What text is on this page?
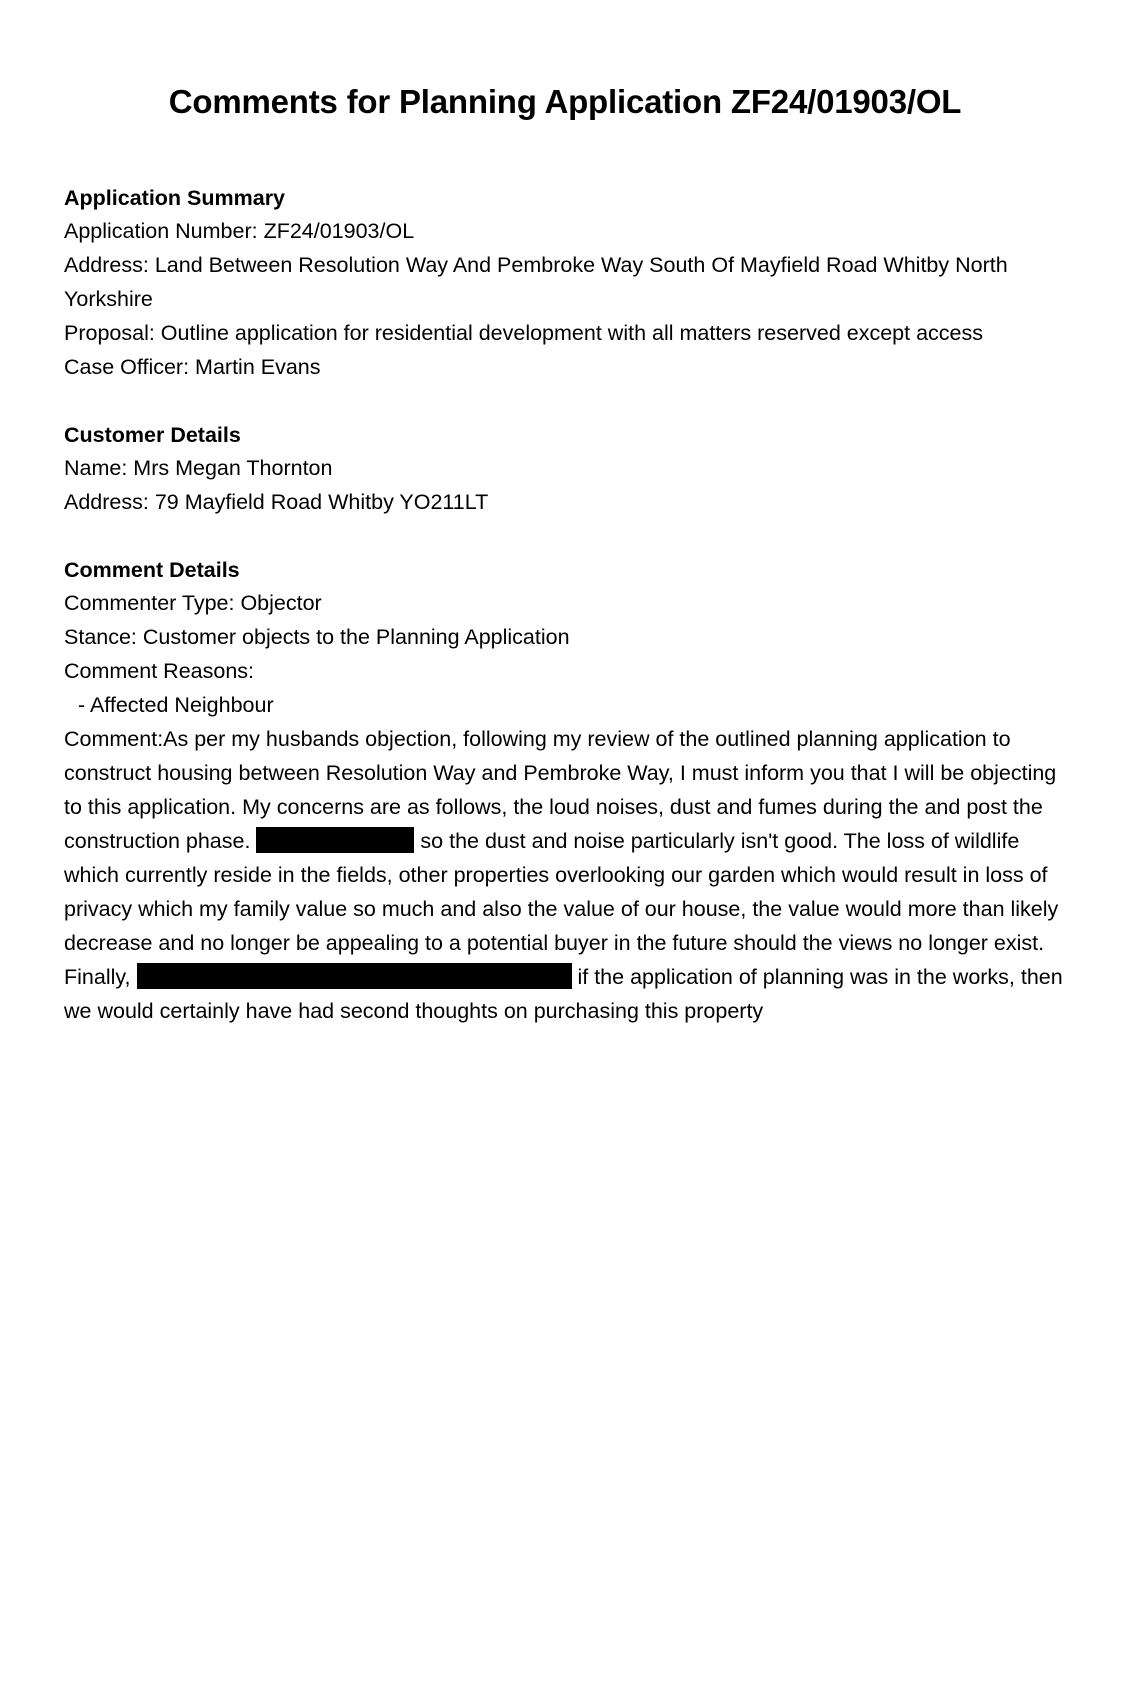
Comments for Planning Application ZF24/01903/OL
Application Summary

Application Number: ZF24/01903/OL

Address: Land Between Resolution Way And Pembroke Way South Of Mayfield Road Whitby North Yorkshire

Proposal: Outline application for residential development with all matters reserved except access

Case Officer: Martin Evans

Customer Details

Name: Mrs Megan Thornton

Address: 79 Mayfield Road Whitby YO211LT

Comment Details

Commenter Type: Objector

Stance: Customer objects to the Planning Application

Comment Reasons:

- Affected Neighbour

Comment:As per my husbands objection, following my review of the outlined planning application to construct housing between Resolution Way and Pembroke Way, I must inform you that I will be objecting to this application. My concerns are as follows, the loud noises, dust and fumes during the and post the construction phase.	so the dust and noise particularly isn't good. The loss of wildlife which currently reside in the fields, other properties overlooking our garden which would result in loss of privacy which my family value so much and also the value of our house, the value would more than likely decrease and no longer be appealing to a potential buyer in the future should the views no longer exist.

Finally,	if the application of planning was in the works, then we would certainly have had second thoughts on purchasing this property
